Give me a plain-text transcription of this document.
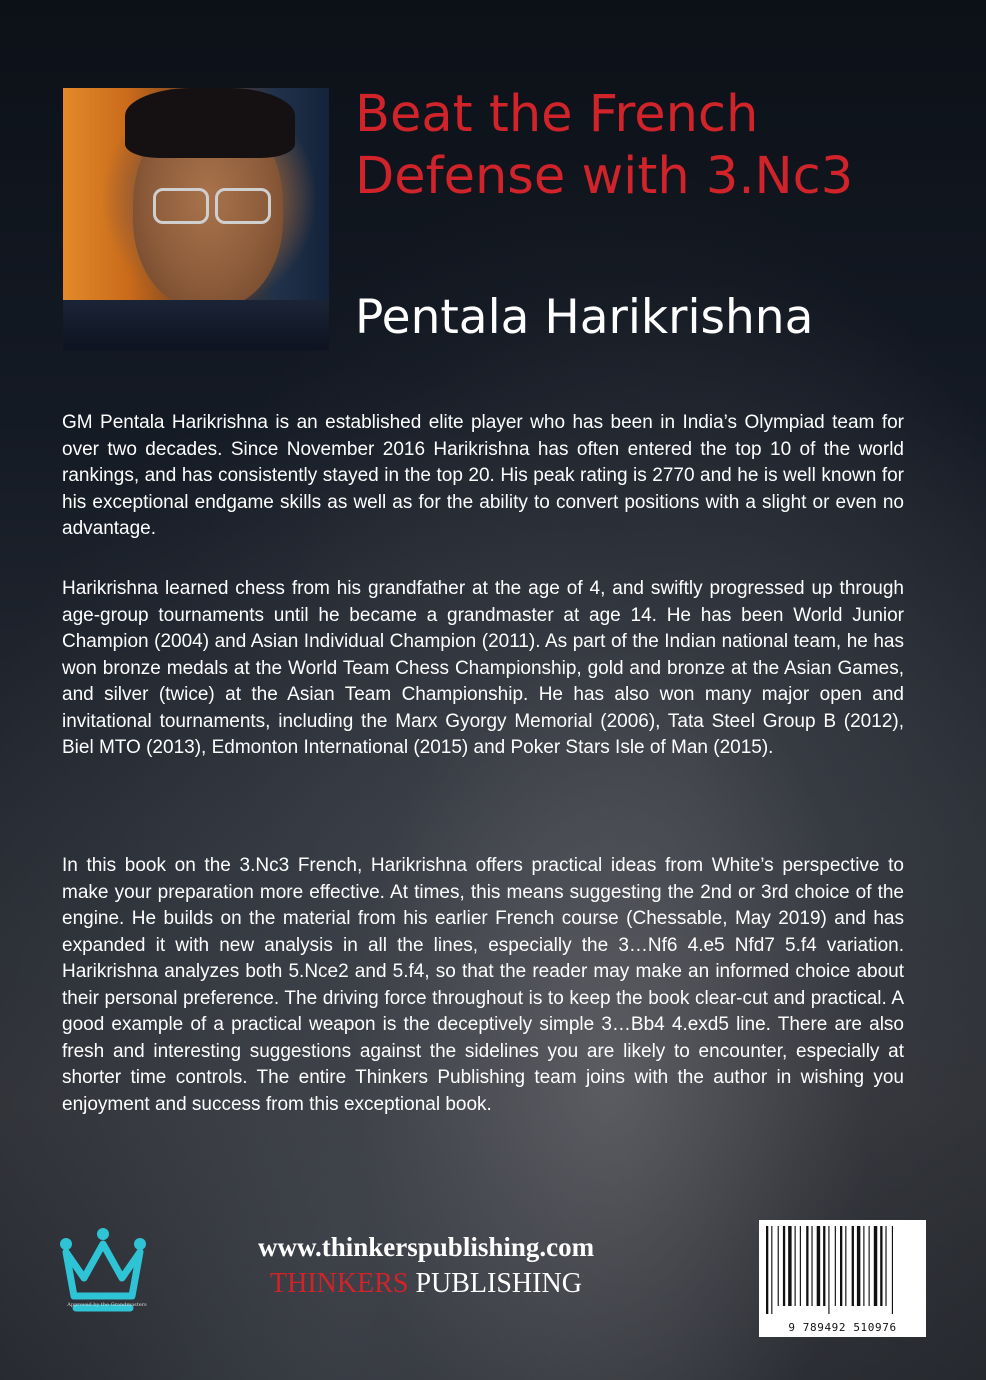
Beat the French
Defense with 3.Nc3
Pentala Harikrishna

GM Pentala Harikrishna is an established elite player who has been in India’s Olympiad team for over two decades. Since November 2016 Harikrishna has often entered the top 10 of the world rankings, and has consistently stayed in the top 20. His peak rating is 2770 and he is well known for his exceptional endgame skills as well as for the ability to convert positions with a slight or even no advantage.

Harikrishna learned chess from his grandfather at the age of 4, and swiftly progressed up through age-group tournaments until he became a grandmaster at age 14. He has been World Junior Champion (2004) and Asian Individual Champion (2011). As part of the Indian national team, he has won bronze medals at the World Team Chess Championship, gold and bronze at the Asian Games, and silver (twice) at the Asian Team Championship. He has also won many major open and invitational tournaments, including the Marx Gyorgy Memorial (2006), Tata Steel Group B (2012), Biel MTO (2013), Edmonton International (2015) and Poker Stars Isle of Man (2015).

In this book on the 3.Nc3 French, Harikrishna offers practical ideas from White’s perspective to make your preparation more effective. At times, this means suggesting the 2nd or 3rd choice of the engine. He builds on the material from his earlier French course (Chessable, May 2019) and has expanded it with new analysis in all the lines, especially the 3…Nf6 4.e5 Nfd7 5.f4 variation. Harikrishna analyzes both 5.Nce2 and 5.f4, so that the reader may make an informed choice about their personal preference. The driving force throughout is to keep the book clear-cut and practical. A good example of a practical weapon is the deceptively simple 3…Bb4 4.exd5 line. There are also fresh and interesting suggestions against the sidelines you are likely to encounter, especially at shorter time controls. The entire Thinkers Publishing team joins with the author in wishing you enjoyment and success from this exceptional book.

Approved by the Grandmasters

www.thinkerspublishing.com

THINKERS PUBLISHING

9 789492 510976
